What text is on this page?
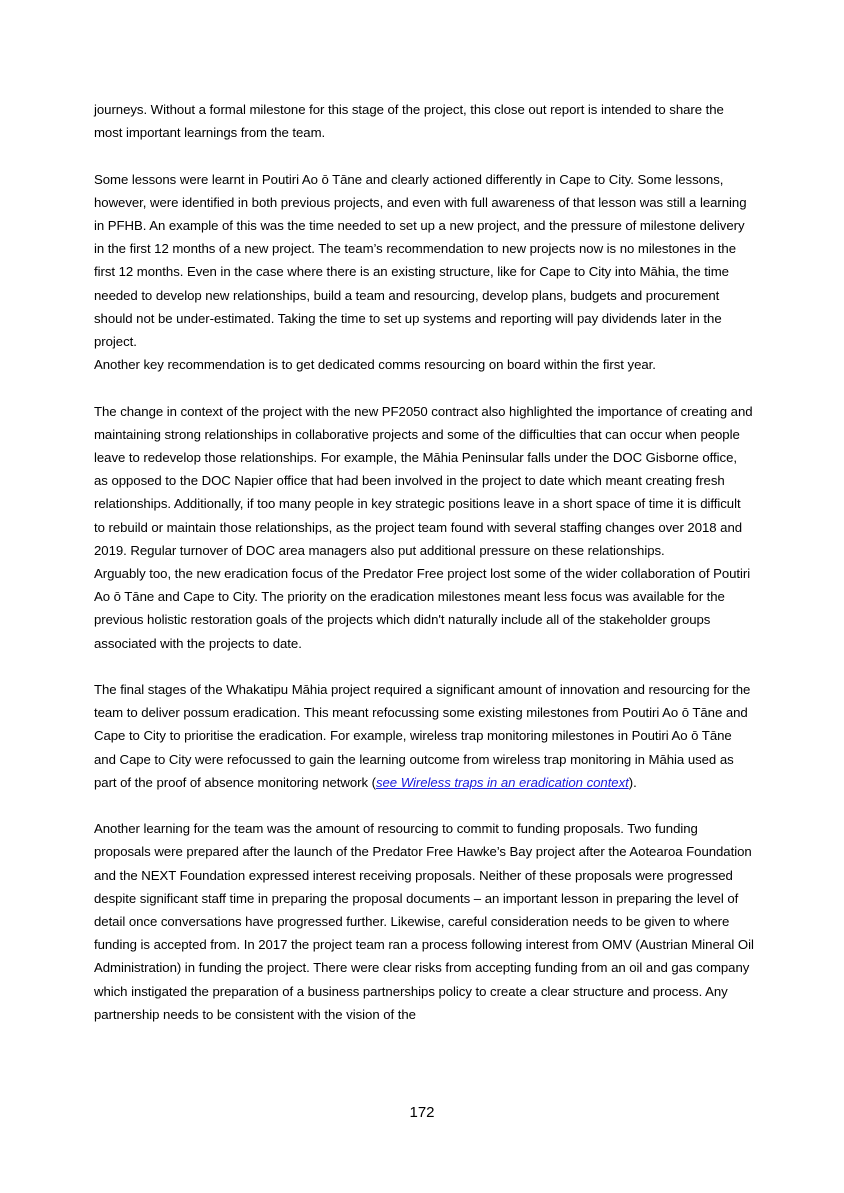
journeys. Without a formal milestone for this stage of the project, this close out report is intended to share the most important learnings from the team.

Some lessons were learnt in Poutiri Ao ō Tāne and clearly actioned differently in Cape to City. Some lessons, however, were identified in both previous projects, and even with full awareness of that lesson was still a learning in PFHB. An example of this was the time needed to set up a new project, and the pressure of milestone delivery in the first 12 months of a new project. The team’s recommendation to new projects now is no milestones in the first 12 months. Even in the case where there is an existing structure, like for Cape to City into Māhia, the time needed to develop new relationships, build a team and resourcing, develop plans, budgets and procurement should not be under-estimated. Taking the time to set up systems and reporting will pay dividends later in the project.

Another key recommendation is to get dedicated comms resourcing on board within the first year.

The change in context of the project with the new PF2050 contract also highlighted the importance of creating and maintaining strong relationships in collaborative projects and some of the difficulties that can occur when people leave to redevelop those relationships. For example, the Māhia Peninsular falls under the DOC Gisborne office, as opposed to the DOC Napier office that had been involved in the project to date which meant creating fresh relationships. Additionally, if too many people in key strategic positions leave in a short space of time it is difficult to rebuild or maintain those relationships, as the project team found with several staffing changes over 2018 and 2019. Regular turnover of DOC area managers also put additional pressure on these relationships.

Arguably too, the new eradication focus of the Predator Free project lost some of the wider collaboration of Poutiri Ao ō Tāne and Cape to City. The priority on the eradication milestones meant less focus was available for the previous holistic restoration goals of the projects which didn't naturally include all of the stakeholder groups associated with the projects to date.

The final stages of the Whakatipu Māhia project required a significant amount of innovation and resourcing for the team to deliver possum eradication. This meant refocussing some existing milestones from Poutiri Ao ō Tāne and Cape to City to prioritise the eradication. For example, wireless trap monitoring milestones in Poutiri Ao ō Tāne and Cape to City were refocussed to gain the learning outcome from wireless trap monitoring in Māhia used as part of the proof of absence monitoring network (see Wireless traps in an eradication context).

Another learning for the team was the amount of resourcing to commit to funding proposals. Two funding proposals were prepared after the launch of the Predator Free Hawke’s Bay project after the Aotearoa Foundation and the NEXT Foundation expressed interest receiving proposals. Neither of these proposals were progressed despite significant staff time in preparing the proposal documents – an important lesson in preparing the level of detail once conversations have progressed further. Likewise, careful consideration needs to be given to where funding is accepted from. In 2017 the project team ran a process following interest from OMV (Austrian Mineral Oil Administration) in funding the project. There were clear risks from accepting funding from an oil and gas company which instigated the preparation of a business partnerships policy to create a clear structure and process. Any partnership needs to be consistent with the vision of the

172
